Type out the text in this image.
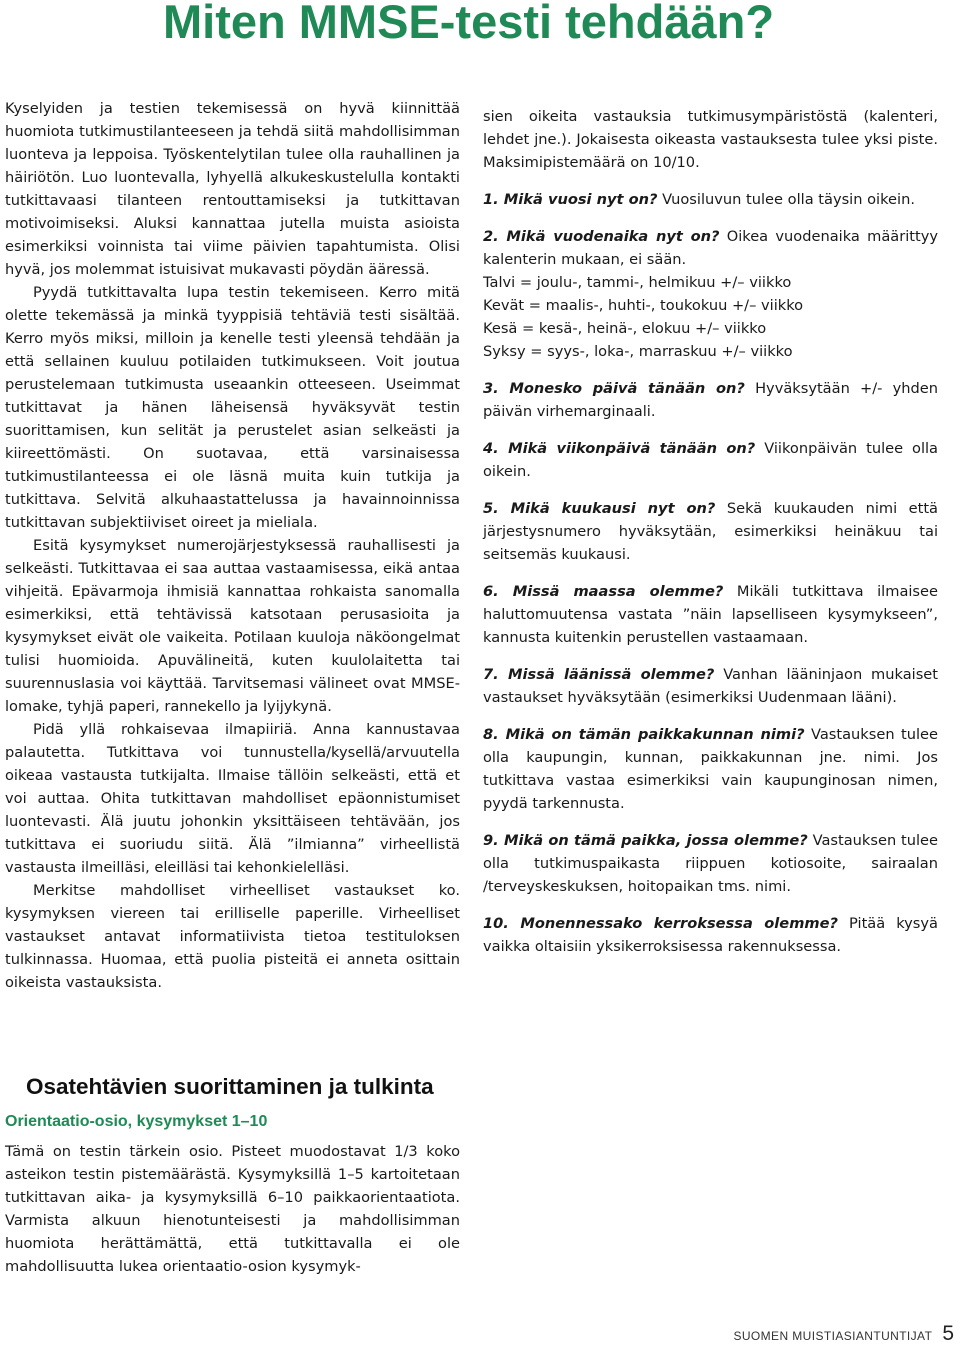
Miten MMSE-testi tehdään?

Kyselyiden ja testien tekemisessä on hyvä kiinnittää huomiota tutkimustilanteeseen ja tehdä siitä mahdollisimman luonteva ja leppoisa. Työskentelytilan tulee olla rauhallinen ja häiriötön. Luo luontevalla, lyhyellä alkukeskustelulla kontakti tutkittavaasi tilanteen rentouttamiseksi ja tutkittavan motivoimiseksi. Aluksi kannattaa jutella muista asioista esimerkiksi voinnista tai viime päivien tapahtumista. Olisi hyvä, jos molemmat istuisivat mukavasti pöydän ääressä.

Pyydä tutkittavalta lupa testin tekemiseen. Kerro mitä olette tekemässä ja minkä tyyppisiä tehtäviä testi sisältää. Kerro myös miksi, milloin ja kenelle testi yleensä tehdään ja että sellainen kuuluu potilaiden tutkimukseen. Voit joutua perustelemaan tutkimusta useaankin otteeseen. Useimmat tutkittavat ja hänen läheisensä hyväksyvät testin suorittamisen, kun selität ja perustelet asian selkeästi ja kiireettömästi. On suotavaa, että varsinaisessa tutkimustilanteessa ei ole läsnä muita kuin tutkija ja tutkittava. Selvitä alkuhaastattelussa ja havainnoinnissa tutkittavan subjektiiviset oireet ja mieliala.

Esitä kysymykset numerojärjestyksessä rauhallisesti ja selkeästi. Tutkittavaa ei saa auttaa vastaamisessa, eikä antaa vihjeitä. Epävarmoja ihmisiä kannattaa rohkaista sanomalla esimerkiksi, että tehtävissä katsotaan perusasioita ja kysymykset eivät ole vaikeita. Potilaan kuuloja näköongelmat tulisi huomioida. Apuvälineitä, kuten kuulolaitetta tai suurennuslasia voi käyttää. Tarvitsemasi välineet ovat MMSE-lomake, tyhjä paperi, rannekello ja lyijykynä.

Pidä yllä rohkaisevaa ilmapiiriä. Anna kannustavaa palautetta. Tutkittava voi tunnustella/kysellä/arvuutella oikeaa vastausta tutkijalta. Ilmaise tällöin selkeästi, että et voi auttaa. Ohita tutkittavan mahdolliset epäonnistumiset luontevasti. Älä juutu johonkin yksittäiseen tehtävään, jos tutkittava ei suoriudu siitä. Älä ”ilmianna” virheellistä vastausta ilmeilläsi, eleilläsi tai kehonkielelläsi.

Merkitse mahdolliset virheelliset vastaukset ko. kysymyksen viereen tai erilliselle paperille. Virheelliset vastaukset antavat informatiivista tietoa testituloksen tulkinnassa. Huomaa, että puolia pisteitä ei anneta osittain oikeista vastauksista.

Osatehtävien suorittaminen ja tulkinta
Orientaatio-osio, kysymykset 1–10

Tämä on testin tärkein osio. Pisteet muodostavat 1/3 koko asteikon testin pistemäärästä. Kysymyksillä 1–5 kartoitetaan tutkittavan aika- ja kysymyksillä 6–10 paikkaorientaatiota. Varmista alkuun hienotunteisesti ja mahdollisimman huomiota herättämättä, että tutkittavalla ei ole mahdollisuutta lukea orientaatio-osion kysymyk-

sien oikeita vastauksia tutkimusympäristöstä (kalenteri, lehdet jne.). Jokaisesta oikeasta vastauksesta tulee yksi piste. Maksimipistemäärä on 10/10.

1. Mikä vuosi nyt on? Vuosiluvun tulee olla täysin oikein.

2. Mikä vuodenaika nyt on? Oikea vuodenaika määrittyy kalenterin mukaan, ei sään.

Talvi = joulu-, tammi-, helmikuu +/– viikko

Kevät = maalis-, huhti-, toukokuu +/– viikko

Kesä = kesä-, heinä-, elokuu +/– viikko

Syksy = syys-, loka-, marraskuu +/– viikko

3. Monesko päivä tänään on? Hyväksytään +/- yhden päivän virhemarginaali.

4. Mikä viikonpäivä tänään on? Viikonpäivän tulee olla oikein.

5. Mikä kuukausi nyt on? Sekä kuukauden nimi että järjestysnumero hyväksytään, esimerkiksi heinäkuu tai seitsemäs kuukausi.

6. Missä maassa olemme? Mikäli tutkittava ilmaisee haluttomuutensa vastata ”näin lapselliseen kysymykseen”, kannusta kuitenkin perustellen vastaamaan.

7. Missä läänissä olemme? Vanhan lääninjaon mukaiset vastaukset hyväksytään (esimerkiksi Uudenmaan lääni).

8. Mikä on tämän paikkakunnan nimi? Vastauksen tulee olla kaupungin, kunnan, paikkakunnan jne. nimi. Jos tutkittava vastaa esimerkiksi vain kaupunginosan nimen, pyydä tarkennusta.

9. Mikä on tämä paikka, jossa olemme? Vastauksen tulee olla tutkimuspaikasta riippuen kotiosoite, sairaalan /terveyskeskuksen, hoitopaikan tms. nimi.

10. Monennessako kerroksessa olemme? Pitää kysyä vaikka oltaisiin yksikerroksisessa rakennuksessa.

SUOMEN MUISTIASIANTUNTIJAT 5
